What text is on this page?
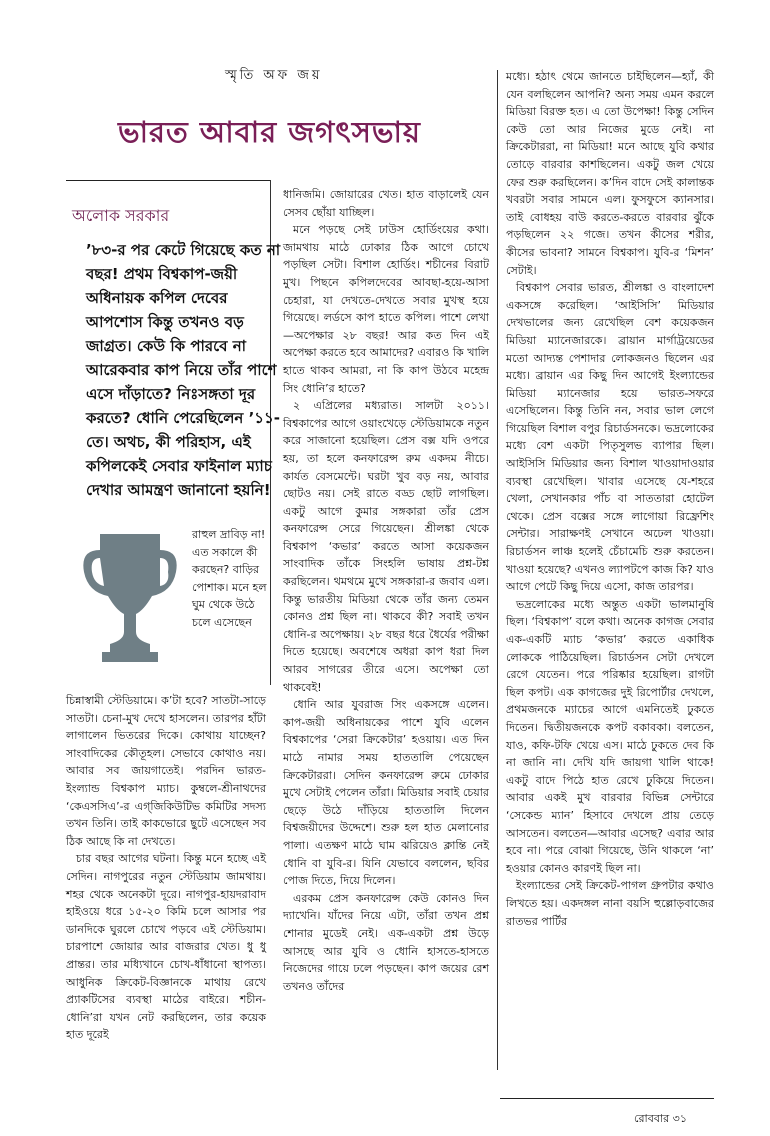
স্মৃতি অফ জয়
ভারত আবার জগৎসভায়
অলোক সরকার

’৮৩-র পর কেটে গিয়েছে কত না বছর! প্রথম বিশ্বকাপ-জয়ী অধিনায়ক কপিল দেবের আপশোস কিন্তু তখনও বড় জাগ্রত। কেউ কি পারবে না আরেকবার কাপ নিয়ে তাঁর পাশে এসে দাঁড়াতে? নিঃসঙ্গতা দূর করতে? ধোনি পেরেছিলেন ’১১-তে। অথচ, কী পরিহাস, এই কপিলকেই সেবার ফাইনাল ম্যাচ দেখার আমন্ত্রণ জানানো হয়নি!

রাহুল দ্রাবিড় না! এত সকালে কী করছেন? বাড়ির পোশাক। মনে হল ঘুম থেকে উঠে চলে এসেছেন

চিন্নাস্বামী স্টেডিয়ামে। ক’টা হবে? সাতটা-সাড়ে সাতটা। চেনা-মুখ দেখে হাসলেন। তারপর হাঁটা লাগালেন ভিতরের দিকে। কোথায় যাচ্ছেন? সাংবাদিকের কৌতূহল। সেভাবে কোথাও নয়। আবার সব জায়গাতেই। পরদিন ভারত-ইংল্যান্ড বিশ্বকাপ ম্যাচ। কুম্বলে-শ্রীনাথদের ‘কেএসসিএ’-র এগ্‌জিকিউটিভ কমিটির সদস্য তখন তিনি। তাই কাকভোরে ছুটে এসেছেন সব ঠিক আছে কি না দেখতে।

চার বছর আগের ঘটনা। কিন্তু মনে হচ্ছে এই সেদিন। নাগপুরের নতুন স্টেডিয়াম জামথায়। শহর থেকে অনেকটা দূরে। নাগপুর-হায়দরাবাদ হাইওয়ে ধরে ১৫-২০ কিমি চলে আসার পর ডানদিকে ঘুরলে চোখে পড়বে এই স্টেডিয়াম। চারপাশে জোয়ার আর বাজরার খেত। ধু ধু প্রান্তর। তার মধ্যিখানে চোখ-ধাঁধানো স্থাপত্য। আধুনিক ক্রিকেট-বিজ্ঞানকে মাথায় রেখে প্র্যাকটিসের ব্যবস্থা মাঠের বাইরে। শচীন-ধোনি’রা যখন নেট করছিলেন, তার কয়েক হাত দূরেই

ধানিজমি। জোয়ারের খেত। হাত বাড়ালেই যেন সেসব ছোঁয়া যাচ্ছিল।

মনে পড়ছে সেই ঢাউস হোর্ডিংয়ের কথা। জামথায় মাঠে ঢোকার ঠিক আগে চোখে পড়ছিল সেটা। বিশাল হোর্ডিং। শচীনের বিরাট মুখ। পিছনে কপিলদেবের আবছা-হয়ে-আসা চেহারা, যা দেখতে-দেখতে সবার মুখস্থ হয়ে গিয়েছে। লর্ডসে কাপ হাতে কপিল। পাশে লেখা—অপেক্ষার ২৮ বছর! আর কত দিন এই অপেক্ষা করতে হবে আমাদের? এবারও কি খালি হাতে থাকব আমরা, না কি কাপ উঠবে মহেন্দ্র সিং ধোনি’র হাতে?

২ এপ্রিলের মধ্যরাত। সালটা ২০১১। বিশ্বকাপের আগে ওয়াংখেড়ে স্টেডিয়ামকে নতুন করে সাজানো হয়েছিল। প্রেস বক্স যদি ওপরে হয়, তা হলে কনফারেন্স রুম একদম নীচে। কার্যত বেসমেন্টে। ঘরটা খুব বড় নয়, আবার ছোটও নয়। সেই রাতে বড্ড ছোট লাগছিল। একটু আগে কুমার সঙ্গকারা তাঁর প্রেস কনফারেন্স সেরে গিয়েছেন। শ্রীলঙ্কা থেকে বিশ্বকাপ ‘কভার’ করতে আসা কয়েকজন সাংবাদিক তাঁকে সিংহলি ভাষায় প্রশ্ন-টশ্ন করছিলেন। থমথমে মুখে সঙ্গকারা-র জবাব এল। কিন্তু ভারতীয় মিডিয়া থেকে তাঁর জন্য তেমন কোনও প্রশ্ন ছিল না। থাকবে কী? সবাই তখন ধোনি-র অপেক্ষায়। ২৮ বছর ধরে ধৈর্যের পরীক্ষা দিতে হয়েছে। অবশেষে অধরা কাপ ধরা দিল আরব সাগরের তীরে এসে। অপেক্ষা তো থাকবেই!

ধোনি আর যুবরাজ সিং একসঙ্গে এলেন। কাপ-জয়ী অধিনায়কের পাশে যুবি এলেন বিশ্বকাপের ‘সেরা ক্রিকেটার’ হওয়ায়। এত দিন মাঠে নামার সময় হাততালি পেয়েছেন ক্রিকেটাররা। সেদিন কনফারেন্স রুমে ঢোকার মুখে সেটাই পেলেন তাঁরা। মিডিয়ার সবাই চেয়ার ছেড়ে উঠে দাঁড়িয়ে হাততালি দিলেন বিশ্বজয়ীদের উদ্দেশে। শুরু হল হাত মেলানোর পালা। এতক্ষণ মাঠে ঘাম ঝরিয়েও ক্লান্তি নেই ধোনি বা যুবি-র। যিনি যেভাবে বললেন, ছবির পোজ দিতে, দিয়ে দিলেন।

এরকম প্রেস কনফারেন্স কেউ কোনও দিন দ্যাখেনি। যাঁদের নিয়ে এটা, তাঁরা তখন প্রশ্ন শোনার মুডেই নেই। এক-একটা প্রশ্ন উড়ে আসছে আর যুবি ও ধোনি হাসতে-হাসতে নিজেদের গায়ে ঢলে পড়ছেন। কাপ জয়ের রেশ তখনও তাঁদের

মধ্যে। হঠাৎ থেমে জানতে চাইছিলেন—হ্যাঁ, কী যেন বলছিলেন আপনি? অন্য সময় এমন করলে মিডিয়া বিরক্ত হত। এ তো উপেক্ষা! কিন্তু সেদিন কেউ তো আর নিজের মুডে নেই। না ক্রিকেটাররা, না মিডিয়া! মনে আছে যুবি কথার তোড়ে বারবার কাশছিলেন। একটু জল খেয়ে ফের শুরু করছিলেন। ক’দিন বাদে সেই কালান্তক খবরটা সবার সামনে এল। ফুসফুসে ক্যানসার। তাই বোধহয় বাউ করতে-করতে বারবার ঝুঁকে পড়ছিলেন ২২ গজে। তখন কীসের শরীর, কীসের ভাবনা? সামনে বিশ্বকাপ। যুবি-র ‘মিশন’ সেটাই।

বিশ্বকাপ সেবার ভারত, শ্রীলঙ্কা ও বাংলাদেশ একসঙ্গে করেছিল। ‘আইসিসি’ মিডিয়ার দেখভালের জন্য রেখেছিল বেশ কয়েকজন মিডিয়া ম্যানেজারকে। ব্রায়ান মার্গাট্রয়েডের মতো আদ্যন্ত পেশাদার লোকজনও ছিলেন এর মধ্যে। ব্রায়ান এর কিছু দিন আগেই ইংল্যান্ডের মিডিয়া ম্যানেজার হয়ে ভারত-সফরে এসেছিলেন। কিন্তু তিনি নন, সবার ভাল লেগে গিয়েছিল বিশাল বপুর রিচার্ডসনকে। ভদ্রলোকের মধ্যে বেশ একটা পিতৃসুলভ ব্যাপার ছিল। আইসিসি মিডিয়ার জন্য বিশাল খাওয়াদাওয়ার ব্যবস্থা রেখেছিল। খাবার এসেছে যে-শহরে খেলা, সেখানকার পাঁচ বা সাততারা হোটেল থেকে। প্রেস বক্সের সঙ্গে লাগোয়া রিফ্রেশিং সেন্টার। সারাক্ষণই সেখানে অঢেল খাওয়া। রিচার্ডসন লাঞ্চ হলেই চেঁচামেচি শুরু করতেন। খাওয়া হয়েছে? এখনও ল্যাপটপে কাজ কি? যাও আগে পেটে কিছু দিয়ে এসো, কাজ তারপর।

ভদ্রলোকের মধ্যে অন্তুত একটা ভালমানুষি ছিল। ‘বিশ্বকাপ’ বলে কথা। অনেক কাগজ সেবার এক-একটি ম্যাচ ‘কভার’ করতে একাধিক লোককে পাঠিয়েছিল। রিচার্ডসন সেটা দেখলে রেগে যেতেন। পরে পরিষ্কার হয়েছিল। রাগটা ছিল কপট। এক কাগজের দুই রিপোর্টার দেখলে, প্রথমজনকে ম্যাচের আগে এমনিতেই ঢুকতে দিতেন। দ্বিতীয়জনকে কপট বকাবকা। বলতেন, যাও, কফি-টফি খেয়ে এস। মাঠে ঢুকতে দেব কি না জানি না। দেখি যদি জায়গা খালি থাকে! একটু বাদে পিঠে হাত রেখে ঢুকিয়ে দিতেন। আবার একই মুখ বারবার বিভিন্ন সেন্টারে ‘সেকেন্ড ম্যান’ হিসাবে দেখলে প্রায় তেড়ে আসতেন। বলতেন—আবার এসেছ? এবার আর হবে না। পরে বোঝা গিয়েছে, উনি থাকলে ‘না’ হওয়ার কোনও কারণই ছিল না।

ইংল্যান্ডের সেই ক্রিকেট-পাগল গ্রুপটার কথাও লিখতে হয়। একদঙ্গল নানা বয়সি হুল্লোড়বাজের রাতভর পার্টির

রোববার ৩১
